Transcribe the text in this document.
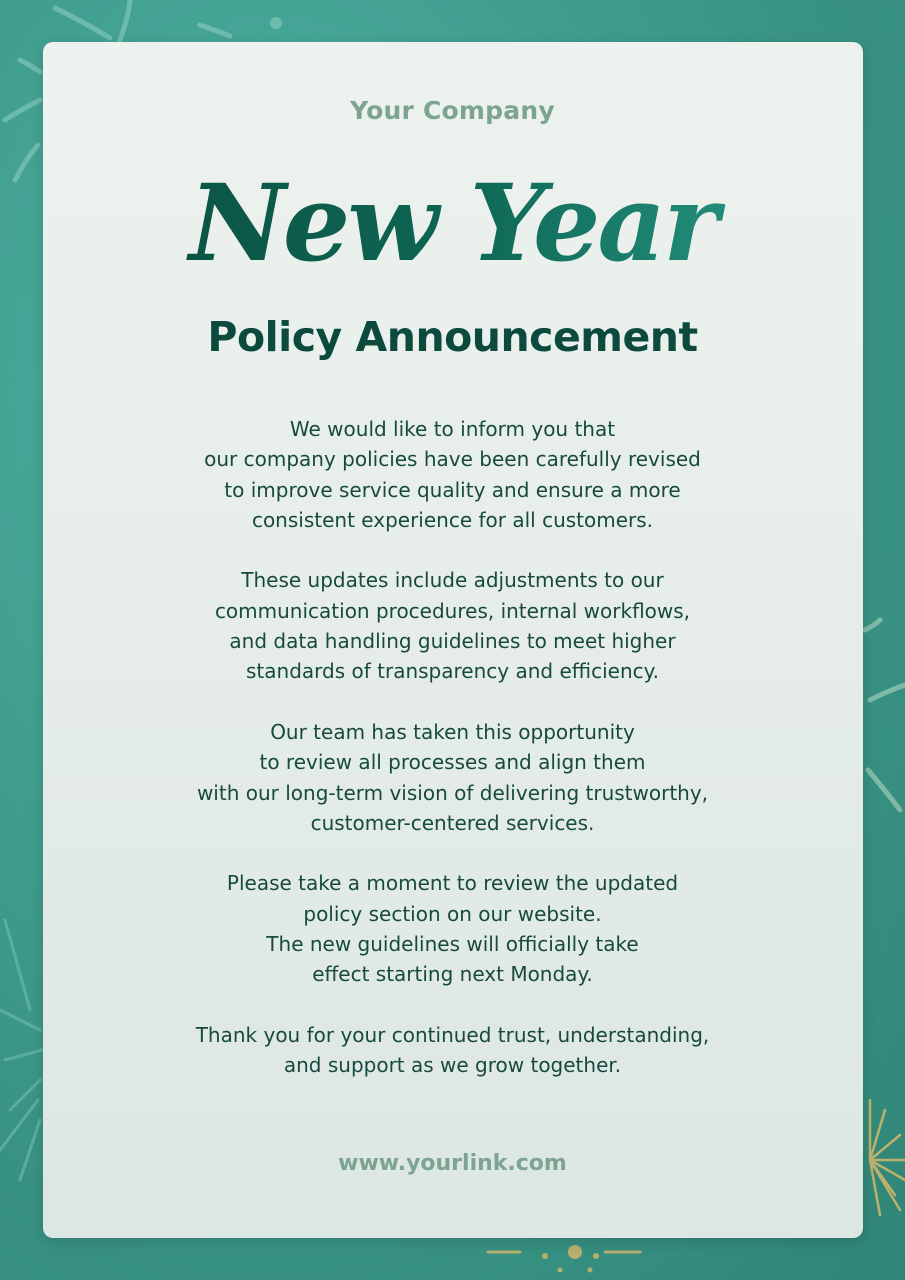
Your Company
New Year
Policy Announcement

We would like to inform you that
our company policies have been carefully revised
to improve service quality and ensure a more
consistent experience for all customers.

These updates include adjustments to our
communication procedures, internal workflows,
and data handling guidelines to meet higher
standards of transparency and efficiency.

Our team has taken this opportunity
to review all processes and align them
with our long-term vision of delivering trustworthy,
customer-centered services.

Please take a moment to review the updated
policy section on our website.
The new guidelines will officially take
effect starting next Monday.

Thank you for your continued trust, understanding,
and support as we grow together.

www.yourlink.com
